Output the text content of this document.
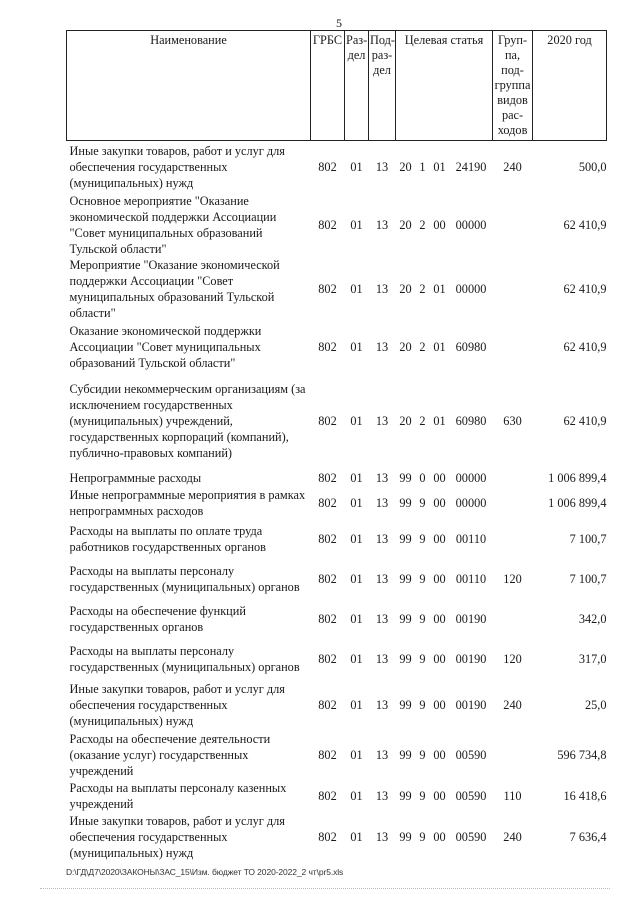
5
Наименование	ГРБС	Раз-дел	Под-раз-дел	Целевая статья				Груп-па, под-группа видов рас-ходов	2020 год
Иные закупки товаров, работ и услуг для обеспечения государственных (муниципальных) нужд	802	01	13	20	1	01	24190	240	500,0
Основное мероприятие "Оказание экономической поддержки Ассоциации "Совет муниципальных образований Тульской области"	802	01	13	20	2	00	00000		62 410,9
Мероприятие "Оказание экономической поддержки Ассоциации "Совет муниципальных образований Тульской области"	802	01	13	20	2	01	00000		62 410,9
Оказание экономической поддержки Ассоциации "Совет муниципальных образований Тульской области"	802	01	13	20	2	01	60980		62 410,9
Субсидии некоммерческим организациям (за исключением государственных (муниципальных) учреждений, государственных корпораций (компаний), публично-правовых компаний)	802	01	13	20	2	01	60980	630	62 410,9
Непрограммные расходы	802	01	13	99	0	00	00000		1 006 899,4
Иные непрограммные мероприятия в рамках непрограммных расходов	802	01	13	99	9	00	00000		1 006 899,4
Расходы на выплаты по оплате труда работников государственных органов	802	01	13	99	9	00	00110		7 100,7
Расходы на выплаты персоналу государственных (муниципальных) органов	802	01	13	99	9	00	00110	120	7 100,7
Расходы на обеспечение функций государственных органов	802	01	13	99	9	00	00190		342,0
Расходы на выплаты персоналу государственных (муниципальных) органов	802	01	13	99	9	00	00190	120	317,0
Иные закупки товаров, работ и услуг для обеспечения государственных (муниципальных) нужд	802	01	13	99	9	00	00190	240	25,0
Расходы на обеспечение деятельности (оказание услуг) государственных учреждений	802	01	13	99	9	00	00590		596 734,8
Расходы на выплаты персоналу казенных учреждений	802	01	13	99	9	00	00590	110	16 418,6
Иные закупки товаров, работ и услуг для обеспечения государственных (муниципальных) нужд	802	01	13	99	9	00	00590	240	7 636,4
D:\ГД\Д7\2020\ЗАКОНЫ\ЗАС_15\Изм. бюджет ТО 2020-2022_2 чт\pr5.xls
